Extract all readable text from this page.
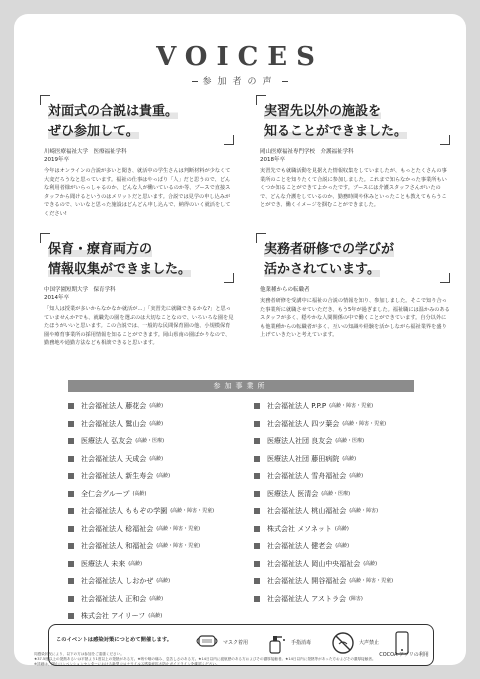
VOICES
参加者の声
対面式の合説は貴重。
ぜひ参加して。
川崎医療福祉大学　医療福祉学科
2019年卒
今年はオンラインの合説が多いと聞き、就活中の学生さんは判断材料が少なくて大変だろうなと思っています。福祉の仕事はやっぱり「人」だと思うので、どんな利用者様がいらっしゃるのか、どんな人が働いているのか等、ブースで直接スタッフから聞けるというのはメリットだと思います。合説では見学の申し込みができるので、いいなと思った施設はどんどん申し込んで、納得のいく就活をしてください!
実習先以外の施設を
知ることができました。
岡山医療福祉専門学校　介護福祉学科
2018年卒
実習先でも就職活動を見据えた情報収集をしていましたが、もっとたくさんの事業所のことを知りたくて合説に参加しました。これまで知らなかった事業所もいくつか知ることができてよかったです。ブースには介護スタッフさんがいたので、どんな介護をしているのか、勤務時間や休みといったことも教えてもらうことができ、働くイメージを掴むことができました。
保育・療育両方の
情報収集ができました。
中国学園短期大学　保育学科
2014年卒
「知人は授業が多いからなかなか就活が…」「実習先に就職できるかな?」と思っていませんか?でも、就職先の園を選ぶのは大切なことなので、いろいろな園を見たほうがいいと思います。この合説では、一般的な民間保育園の他、小規模保育園や療育事業所の採用情報を知ることができます。岡山県南の園ばかりなので、勤務地や通勤方法なども相談できると思います。
実務者研修での学びが
活かされています。
他業種からの転職者

実務者研修を受講中に福祉の合説の情報を知り、参加しました。そこで知り合った事業所に就職させていただき、もう5年が過ぎました。福祉職には温かみのあるスタッフが多く、穏やかな人間関係の中で働くことができています。自分以外にも他業種からの転職者が多く、互いの知識や経験を活かしながら福祉業界を盛り上げていきたいと考えています。
参加事業所
社会福祉法人 藤花会 (高齢)
社会福祉法人 鷲山会 (高齢)
医療法人 弘友会 (高齢・医療)
社会福祉法人 天成会 (高齢)
社会福祉法人 新生寿会 (高齢)
全仁会グループ (高齢)
社会福祉法人 ももぞの学園 (高齢・障害・児童)
社会福祉法人 稔福祉会 (高齢・障害・児童)
社会福祉法人 和福祉会 (高齢・障害・児童)
医療法人 未来 (高齢)
社会福祉法人 しおかぜ (高齢)
社会福祉法人 正和会 (高齢)
株式会社 アイリーフ (高齢)
社会福祉法人 P.P.P (高齢・障害・児童)
社会福祉法人 四ツ葉会 (高齢・障害・児童)
医療法人社団 良友会 (高齢・医療)
医療法人社団 藤田病院 (高齢)
社会福祉法人 雪舟福祉会 (高齢)
医療法人 医清会 (高齢・医療)
社会福祉法人 桃山福祉会 (高齢・障害)
株式会社 メソネット (高齢)
社会福祉法人 健老会 (高齢)
社会福祉法人 岡山中央福祉会 (高齢)
社会福祉法人 開谷福祉会 (高齢・障害・児童)
社会福祉法人 アストラ会 (障害)
このイベントは感染対策につとめて開催します。	マスク着用	手指消毒	大声禁止
COCOA アプリの利用
同感染状況により、以下の方は参加をご遠慮ください。
★37.5度以上の発熱あるいは平熱より1度以上の発熱がある方。★咳や咽の痛み、息苦しさのある方。★14日以内に渡航歴のある方およびその濃厚接触者。★14日以内に発熱等があった方およびその濃厚接触者。
※詳細は、岡山コンベンションセンターにおける新型コロナウイルス感染症拡大防止ガイドラインを確認ください。
